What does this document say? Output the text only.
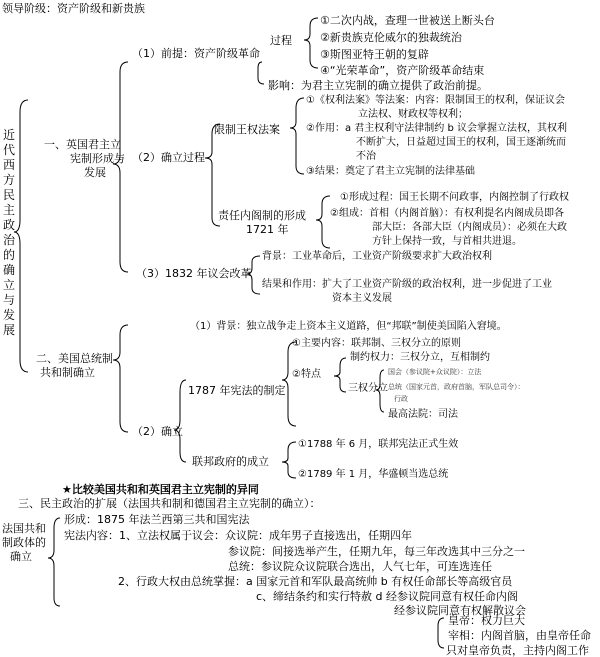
领导阶级：资产阶级和新贵族
近代西方民主政治的确立与发展
一、英国君主立
宪制形成与
发展
（1）前提：资产阶级革命
过程
①二次内战，查理一世被送上断头台
②新贵族克伦威尔的独裁统治
③斯图亚特王朝的复辟
④“光荣革命”，资产阶级革命结束
影响：为君主立宪制的确立提供了政治前提。
（2）确立过程
限制王权法案
①《权利法案》等法案：内容：限制国王的权利，保证议会
立法权、财政权等权利；
②作用：a 君主权利守法律制约 b 议会掌握立法权，其权利
不断扩大，日益超过国王的权利，国王逐渐统而
不治
③结果：奠定了君主立宪制的法律基础
责任内阁制的形成
1721 年
①形成过程：国王长期不问政事，内阁控制了行政权
②组成：首相（内阁首脑）：有权利提名内阁成员即各
部大臣：各部大臣（内阁成员）：必须在大政
方针上保持一致，与首相共进退。
（3）1832 年议会改革
背景：工业革命后，工业资产阶级要求扩大政治权利
结果和作用：扩大了工业资产阶级的政治权利，进一步促进了工业
资本主义发展
二、美国总统制
共和制确立
（1）背景：独立战争走上资本主义道路，但“邦联”制使美国陷入窘境。
（2）确立
1787 年宪法的制定
①主要内容：联邦制、三权分立的原则
②特点
制约权力：三权分立，互相制约
三权分立
国会（参议院+众议院）：立法
总统（国家元首，政府首脑，军队总司令）：
行政
最高法院：司法
联邦政府的成立
①1788 年 6 月，联邦宪法正式生效
②1789 年 1 月，华盛顿当选总统
★比较美国共和和英国君主立宪制的异同
三、民主政治的扩展（法国共和制和德国君主立宪制的确立）：
法国共和
制政体的
确立
形成：1875 年法兰西第三共和国宪法
宪法内容：1、立法权属于议会：众议院：成年男子直接选出，任期四年
参议院：间接选举产生，任期九年，每三年改选其中三分之一
总统：参议院众议院联合选出，人气七年，可连选连任
2、行政大权由总统掌握：a 国家元首和军队最高统帅 b 有权任命部长等高级官员
c、缔结条约和实行特赦 d 经参议院同意有权任命内阁
经参议院同意有权解散议会
皇帝：权力巨大
宰相：内阁首脑，由皇帝任命
只对皇帝负责，主持内阁工作
